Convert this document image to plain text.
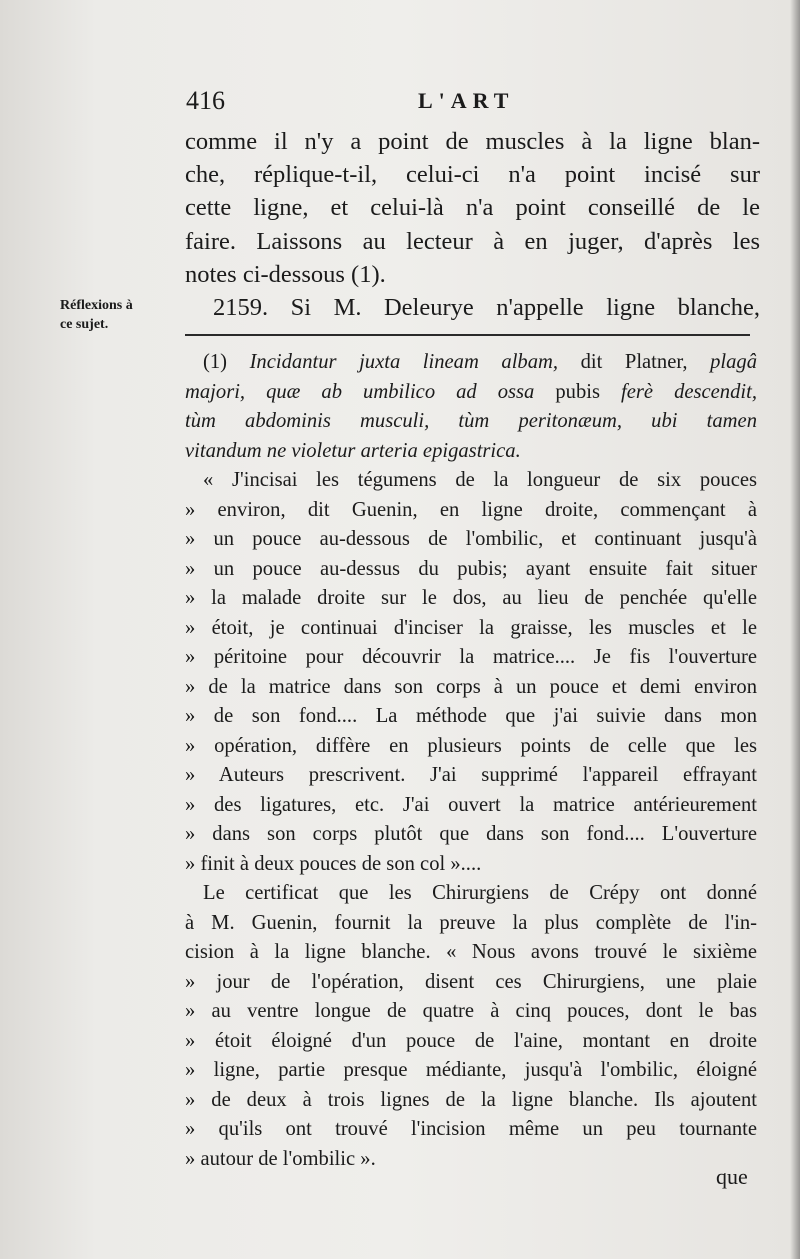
416	L'ART
comme il n'y a point de muscles à la ligne blan-
che, réplique-t-il, celui-ci n'a point incisé sur
cette ligne, et celui-là n'a point conseillé de le
faire. Laissons au lecteur à en juger, d'après les
notes ci-dessous (1).
2159. Si M. Deleurye n'appelle ligne blanche,
Réflexions à
ce sujet.
(1) Incidantur juxta lineam albam, dit Platner, plagâ
majori, quæ ab umbilico ad ossa pubis ferè descendit,
tùm abdominis musculi, tùm peritonæum, ubi tamen
vitandum ne violetur arteria epigastrica.
« J'incisai les tégumens de la longueur de six pouces
» environ, dit Guenin, en ligne droite, commençant à
» un pouce au-dessous de l'ombilic, et continuant jusqu'à
» un pouce au-dessus du pubis; ayant ensuite fait situer
» la malade droite sur le dos, au lieu de penchée qu'elle
» étoit, je continuai d'inciser la graisse, les muscles et le
» péritoine pour découvrir la matrice.... Je fis l'ouverture
» de la matrice dans son corps à un pouce et demi environ
» de son fond.... La méthode que j'ai suivie dans mon
» opération, diffère en plusieurs points de celle que les
» Auteurs prescrivent. J'ai supprimé l'appareil effrayant
» des ligatures, etc. J'ai ouvert la matrice antérieurement
» dans son corps plutôt que dans son fond.... L'ouverture
» finit à deux pouces de son col »....
Le certificat que les Chirurgiens de Crépy ont donné
à M. Guenin, fournit la preuve la plus complète de l'in-
cision à la ligne blanche. « Nous avons trouvé le sixième
» jour de l'opération, disent ces Chirurgiens, une plaie
» au ventre longue de quatre à cinq pouces, dont le bas
» étoit éloigné d'un pouce de l'aine, montant en droite
» ligne, partie presque médiante, jusqu'à l'ombilic, éloigné
» de deux à trois lignes de la ligne blanche. Ils ajoutent
» qu'ils ont trouvé l'incision même un peu tournante
» autour de l'ombilic ».
que
